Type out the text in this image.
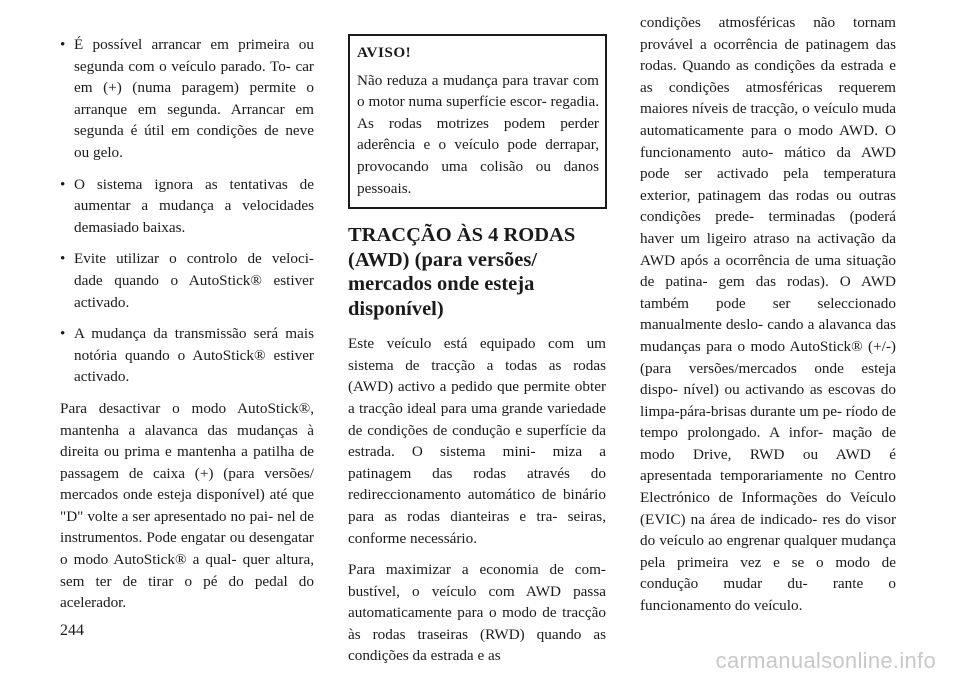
• É possível arrancar em primeira ou segunda com o veículo parado. To- car em (+) (numa paragem) permite o arranque em segunda. Arrancar em segunda é útil em condições de neve ou gelo.
• O sistema ignora as tentativas de aumentar a mudança a velocidades demasiado baixas.
• Evite utilizar o controlo de veloci- dade quando o AutoStick® estiver activado.
• A mudança da transmissão será mais notória quando o AutoStick® estiver activado.

Para desactivar o modo AutoStick®, mantenha a alavanca das mudanças à direita ou prima e mantenha a patilha de passagem de caixa (+) (para versões/ mercados onde esteja disponível) até que "D" volte a ser apresentado no pai- nel de instrumentos. Pode engatar ou desengatar o modo AutoStick® a qual- quer altura, sem ter de tirar o pé do pedal do acelerador.

AVISO!

Não reduza a mudança para travar com o motor numa superfície escor- regadia. As rodas motrizes podem perder aderência e o veículo pode derrapar, provocando uma colisão ou danos pessoais.

TRACÇÃO ÀS 4 RODAS (AWD) (para versões/ mercados onde esteja disponível)

Este veículo está equipado com um sistema de tracção a todas as rodas (AWD) activo a pedido que permite obter a tracção ideal para uma grande variedade de condições de condução e superfície da estrada. O sistema mini- miza a patinagem das rodas através do redireccionamento automático de binário para as rodas dianteiras e tra- seiras, conforme necessário.

Para maximizar a economia de com- bustível, o veículo com AWD passa automaticamente para o modo de tracção às rodas traseiras (RWD) quando as condições da estrada e as

condições atmosféricas não tornam provável a ocorrência de patinagem das rodas. Quando as condições da estrada e as condições atmosféricas requerem maiores níveis de tracção, o veículo muda automaticamente para o modo AWD. O funcionamento auto- mático da AWD pode ser activado pela temperatura exterior, patinagem das rodas ou outras condições prede- terminadas (poderá haver um ligeiro atraso na activação da AWD após a ocorrência de uma situação de patina- gem das rodas). O AWD também pode ser seleccionado manualmente deslo- cando a alavanca das mudanças para o modo AutoStick® (+/-) (para versões/mercados onde esteja dispo- nível) ou activando as escovas do limpa-pára-brisas durante um pe- ríodo de tempo prolongado. A infor- mação de modo Drive, RWD ou AWD é apresentada temporariamente no Centro Electrónico de Informações do Veículo (EVIC) na área de indicado- res do visor do veículo ao engrenar qualquer mudança pela primeira vez e se o modo de condução mudar du- rante o funcionamento do veículo.

244
carmanualsonline.info
